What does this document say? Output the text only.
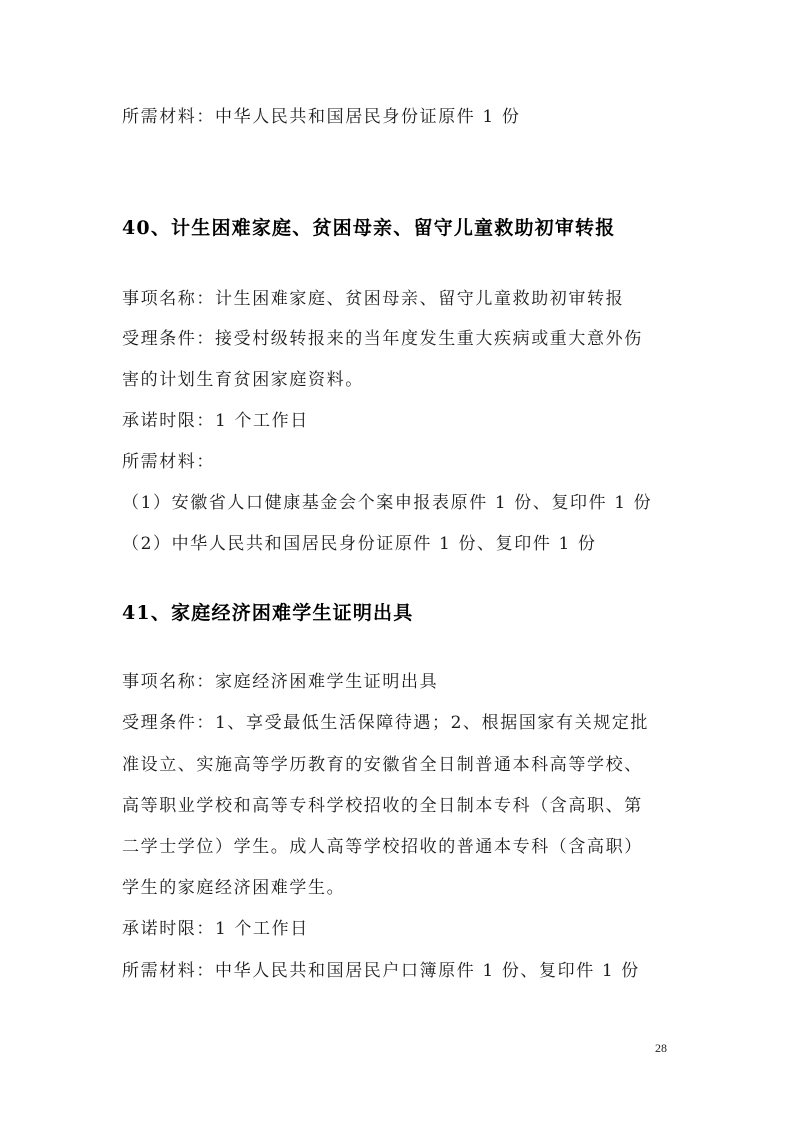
所需材料：中华人民共和国居民身份证原件 1 份
40、计生困难家庭、贫困母亲、留守儿童救助初审转报
事项名称：计生困难家庭、贫困母亲、留守儿童救助初审转报
受理条件：接受村级转报来的当年度发生重大疾病或重大意外伤
害的计划生育贫困家庭资料。
承诺时限：1 个工作日
所需材料：
（1）安徽省人口健康基金会个案申报表原件 1 份、复印件 1 份
（2）中华人民共和国居民身份证原件 1 份、复印件 1 份
41、家庭经济困难学生证明出具
事项名称：家庭经济困难学生证明出具
受理条件：1、享受最低生活保障待遇；2、根据国家有关规定批
准设立、实施高等学历教育的安徽省全日制普通本科高等学校、
高等职业学校和高等专科学校招收的全日制本专科（含高职、第
二学士学位）学生。成人高等学校招收的普通本专科（含高职）
学生的家庭经济困难学生。
承诺时限：1 个工作日
所需材料：中华人民共和国居民户口簿原件 1 份、复印件 1 份
28
